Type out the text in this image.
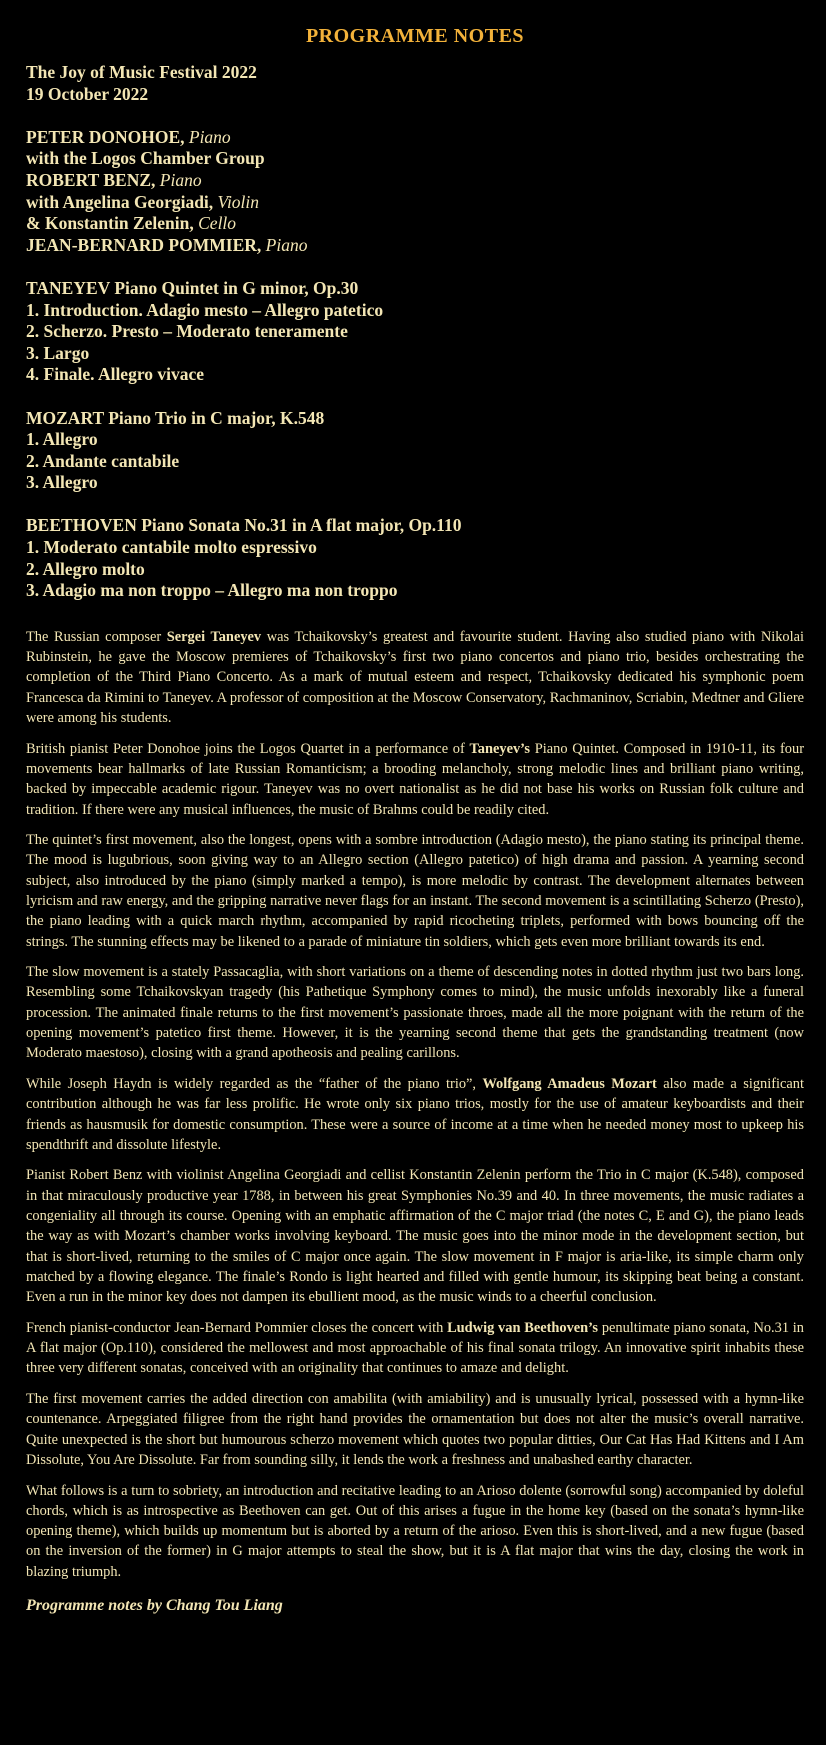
PROGRAMME NOTES
The Joy of Music Festival 2022
19 October 2022
PETER DONOHOE, Piano
with the Logos Chamber Group
ROBERT BENZ, Piano
with Angelina Georgiadi, Violin
& Konstantin Zelenin, Cello
JEAN-BERNARD POMMIER, Piano
TANEYEV Piano Quintet in G minor, Op.30
1. Introduction. Adagio mesto – Allegro patetico
2. Scherzo. Presto – Moderato teneramente
3. Largo
4. Finale. Allegro vivace
MOZART Piano Trio in C major, K.548
1. Allegro
2. Andante cantabile
3. Allegro
BEETHOVEN Piano Sonata No.31 in A flat major, Op.110
1. Moderato cantabile molto espressivo
2. Allegro molto
3. Adagio ma non troppo – Allegro ma non troppo

The Russian composer Sergei Taneyev was Tchaikovsky’s greatest and favourite student. Having also studied piano with Nikolai Rubinstein, he gave the Moscow premieres of Tchaikovsky’s first two piano concertos and piano trio, besides orchestrating the completion of the Third Piano Concerto. As a mark of mutual esteem and respect, Tchaikovsky dedicated his symphonic poem Francesca da Rimini to Taneyev. A professor of composition at the Moscow Conservatory, Rachmaninov, Scriabin, Medtner and Gliere were among his students.

British pianist Peter Donohoe joins the Logos Quartet in a performance of Taneyev’s Piano Quintet. Composed in 1910-11, its four movements bear hallmarks of late Russian Romanticism; a brooding melancholy, strong melodic lines and brilliant piano writing, backed by impeccable academic rigour. Taneyev was no overt nationalist as he did not base his works on Russian folk culture and tradition. If there were any musical influences, the music of Brahms could be readily cited.

The quintet’s first movement, also the longest, opens with a sombre introduction (Adagio mesto), the piano stating its principal theme. The mood is lugubrious, soon giving way to an Allegro section (Allegro patetico) of high drama and passion. A yearning second subject, also introduced by the piano (simply marked a tempo), is more melodic by contrast. The development alternates between lyricism and raw energy, and the gripping narrative never flags for an instant. The second movement is a scintillating Scherzo (Presto), the piano leading with a quick march rhythm, accompanied by rapid ricocheting triplets, performed with bows bouncing off the strings. The stunning effects may be likened to a parade of miniature tin soldiers, which gets even more brilliant towards its end.

The slow movement is a stately Passacaglia, with short variations on a theme of descending notes in dotted rhythm just two bars long. Resembling some Tchaikovskyan tragedy (his Pathetique Symphony comes to mind), the music unfolds inexorably like a funeral procession. The animated finale returns to the first movement’s passionate throes, made all the more poignant with the return of the opening movement’s patetico first theme. However, it is the yearning second theme that gets the grandstanding treatment (now Moderato maestoso), closing with a grand apotheosis and pealing carillons.

While Joseph Haydn is widely regarded as the “father of the piano trio”, Wolfgang Amadeus Mozart also made a significant contribution although he was far less prolific. He wrote only six piano trios, mostly for the use of amateur keyboardists and their friends as hausmusik for domestic consumption. These were a source of income at a time when he needed money most to upkeep his spendthrift and dissolute lifestyle.

Pianist Robert Benz with violinist Angelina Georgiadi and cellist Konstantin Zelenin perform the Trio in C major (K.548), composed in that miraculously productive year 1788, in between his great Symphonies No.39 and 40. In three movements, the music radiates a congeniality all through its course. Opening with an emphatic affirmation of the C major triad (the notes C, E and G), the piano leads the way as with Mozart’s chamber works involving keyboard. The music goes into the minor mode in the development section, but that is short-lived, returning to the smiles of C major once again. The slow movement in F major is aria-like, its simple charm only matched by a flowing elegance. The finale’s Rondo is light hearted and filled with gentle humour, its skipping beat being a constant. Even a run in the minor key does not dampen its ebullient mood, as the music winds to a cheerful conclusion.

French pianist-conductor Jean-Bernard Pommier closes the concert with Ludwig van Beethoven’s penultimate piano sonata, No.31 in A flat major (Op.110), considered the mellowest and most approachable of his final sonata trilogy. An innovative spirit inhabits these three very different sonatas, conceived with an originality that continues to amaze and delight.

The first movement carries the added direction con amabilita (with amiability) and is unusually lyrical, possessed with a hymn-like countenance. Arpeggiated filigree from the right hand provides the ornamentation but does not alter the music’s overall narrative. Quite unexpected is the short but humourous scherzo movement which quotes two popular ditties, Our Cat Has Had Kittens and I Am Dissolute, You Are Dissolute. Far from sounding silly, it lends the work a freshness and unabashed earthy character.

What follows is a turn to sobriety, an introduction and recitative leading to an Arioso dolente (sorrowful song) accompanied by doleful chords, which is as introspective as Beethoven can get. Out of this arises a fugue in the home key (based on the sonata’s hymn-like opening theme), which builds up momentum but is aborted by a return of the arioso. Even this is short-lived, and a new fugue (based on the inversion of the former) in G major attempts to steal the show, but it is A flat major that wins the day, closing the work in blazing triumph.

Programme notes by Chang Tou Liang
